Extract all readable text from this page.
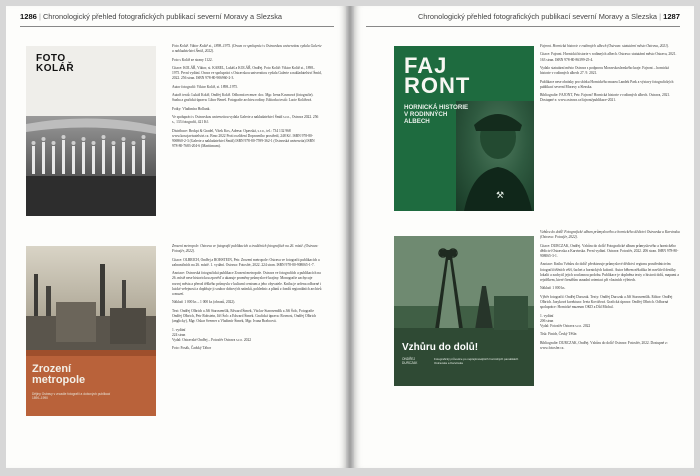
1286 | Chronologický přehled fotografických publikací severní Moravy a Slezska
FOTO
KOLÁŘ

Foto Kolář. Viktor Kolář st., 1898–1975. (Orava ve spolupráci s Ostravskou univerzitou vydala Galerie a nakladatelství Šmíd, 2022).

Foto s Kolář ze strany 1122.

Citace: KOLÁŘ, Viktor, st. KAREL, Lukáš a KOLÁŘ, Ondřej. Foto Kolář: Viktor Kolář st., 1898–1975. První vydání. Orava ve spolupráci s Ostravskou univerzitou vydala Galerie a nakladatelství Šmíd, 2022. 256 stran. ISBN 978-80-906960-2-3.

Autor fotografií: Viktor Kolář, st. 1898–1975.

Autoři textů: Lukáš Kolář, Ondřej Kolář. Odborná recenze: doc. Mgr. Irena Kosmová (fotografie). Sazba a grafická úprava: Libor Beneš. Fotografie archivu rodiny. Editorka textů: Lucie Kolářová.

Fotky: Vladimíra Hollunk.

Ve spolupráci s Ostravskou univerzitou vydala Galerie a nakladatelství Šmíd s.r.o., Ostrava 2022. 256 s., 133 fotografií, 421 Kč.

Distribuce: Brokpt & Gradel, Vítek Kos, Adresa: Opavská, s.r.o., tel.: 734 132 968 www.kosojavisatelstvi.cz. Brno 2022 Proti rozlišení Dopravního prostředí, 248 Kč. ISBN 978-80-906960-2-3 (Galerie a nakladatelství Šmíd) ISBN 978-80-7599-362-1 (Ostravská univerzita) ISBN 978-80-7683-204-6 (Maritimum).

Zrození
metropole
Dějiny Ostravy v zrcadle fotografií a dobových publikací 1890–1990

Zrození metropole: Ostrava ve fotografii publikacích a tradičních fotografiích na 26. místě. (Ostrava: Fotosfér, 2022).

Citace: OLBRICH, Ondřej a ROHSTEIN, Petr. Zrození metropole: Ostrava ve fotografii publikacích a zahraničních na 26. místě. 1. vydání. Ostrava: Fotosfér, 2022. 224 stran. ISBN 978-80-908065-1-7.

Anotace: Ostravská fotografická publikace Zrození metropole. Ostrava ve fotografiích a publikacích na 26. místě nese historickou zpověď a ukazuje proměny průmyslové krajiny. Monografie zachycuje rozvoj města a přerod těžkého průmyslu v kulturní centrum a jeho obyvatele. Kniha je určena odborné i laické veřejnosti a doplňuje ji soubor dobových snímků, pohlednic a plánů z fondů regionálních archivů a muzeí.

Náklad: 1 000 ks – 1 000 ks (obrazů, 2022).

Text: Ondřej Olbrich a Jiří Starosemšík, Edward Šimek, Václav Starosemšík a Jiří Šolc, Fotografie Ondřej Olbrich, Petr Rohstein, Jiří Šolc a Edward Šimek. Grafická úprava: Rovnost, Ondřej Olbrich (anglicky), Mgr. Oskar Sverner a Vladimír Šimek, Mgr. Ivana Brabcová.

1. vydání
224 stran
Vydal: Ostravské Ondřej – Fotosfér Ostrava s.r.o. 2022

Foto: Fosák, Čadský Tábor

Chronologický přehled fotografických publikací severní Moravy a Slezska | 1287
FAJ
RONT
HORNICKÁ HISTORIE V RODINNÝCH ALBECH
⚒

Fajront. Hornická historie v rodinných albech (Ostrava: statutární město Ostrava, 2021).

Citace: Fajront. Hornická historie v rodinných albech. Ostrava: statutární město Ostrava, 2021. 163 stran. ISBN 978-80-86399-25-4.

Vydalo statutární město Ostrava s podporou Moravskoslezského kraje. Fajront – hornická historie v rodinných albech 27. 9. 2021.

Publikace nese obrázky pro sbírku Hornického muzea Landek Park a výstavy fotografických publikací severní Moravy a Slezska.

Bibliografie: FAJONT, Petr. Fajront! Hornická historie v rodinných albech. Ostrava, 2021. Dostupné z: www.ostrava.cz/fajront/publikace-2021.

Vzhůru do dolů!
ONDŘEJ
DURCZAK
Fotografický průvodce po nejzajímavějších hornických památkách Ostravska a Karvinska

Vzhůru do dolů! Fotografické album průmyslového a hornického dědictví Ostravska a Karvinska (Ostrava: Fotosfér, 2022).

Citace: DURCZAK, Ondřej. Vzhůru do dolů! Fotografické album průmyslového a hornického dědictví Ostravska a Karvinska. První vydání. Ostrava: Fotosfér, 2022. 206 stran. ISBN 978-80-908065-3-1.

Anotace: Kniha Vzhůru do dolů! představuje průmyslové dědictví regionu prostřednictvím fotografií těžních věží, šachet a hornických kolonií. Autor během několika let navštívil desítky lokalit a zachytil jejich současnou podobu. Publikace je doplněna texty o historii dolů, mapami a rejstříkem, které čtenářům usnadní orientaci při vlastních výletech.

Náklad: 1 000 ks.

Výběr fotografií: Ondřej Durczak. Texty: Ondřej Durczak a Jiří Starosemšík. Editor: Ondřej Olbrich. Jazyková korektura: Iveta Kovářová. Grafická úprava: Ondřej Olbrich. Odborná spolupráce: Hornické muzeum OKD a Důl Michal.

1. vydání
206 stran
Vydal: Fotosfér Ostrava s.r.o. 2022

Tisk: Finidr, Český Těšín

Bibliografie: DURCZAK, Ondřej. Vzhůru do dolů! Ostrava: Fotosfér, 2022. Dostupné z: www.fotosfer.cz.
